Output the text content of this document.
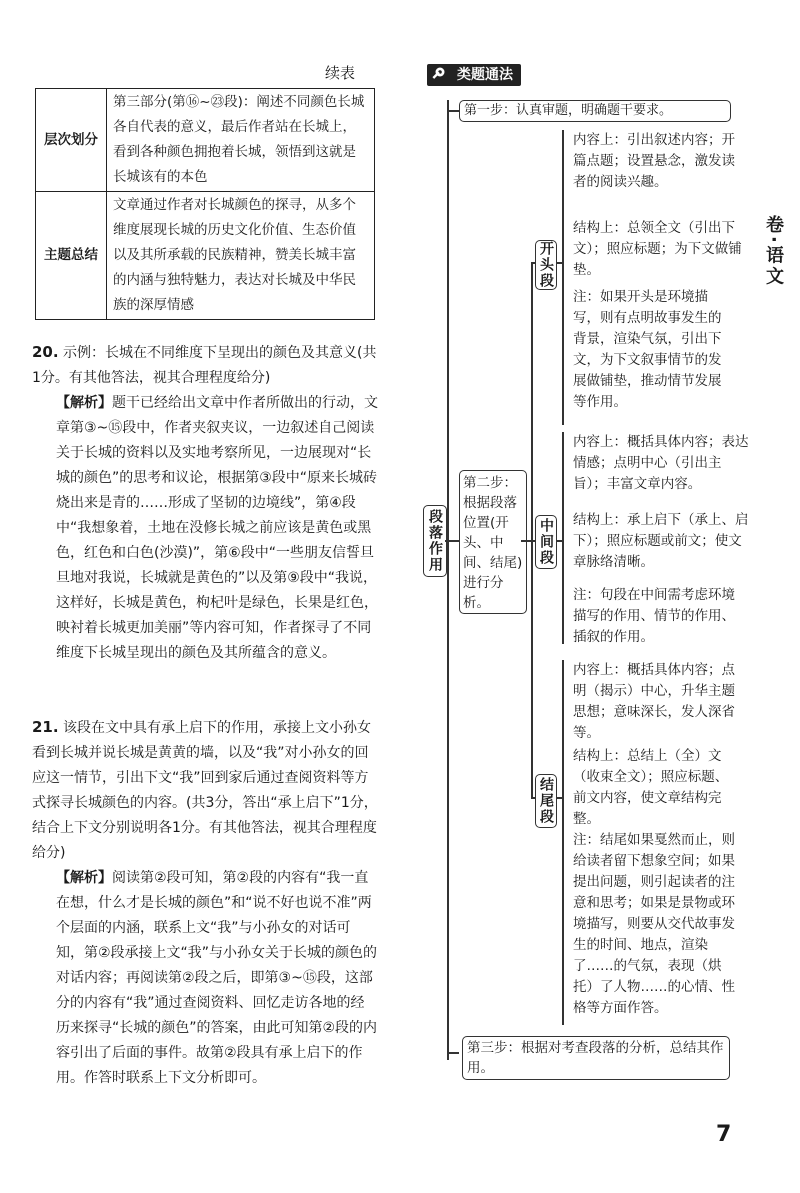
续表
层次划分	第三部分(第⑯~㉓段)：阐述不同颜色长城各自代表的意义，最后作者站在长城上，看到各种颜色拥抱着长城，领悟到这就是长城该有的本色
主题总结	文章通过作者对长城颜色的探寻，从多个维度展现长城的历史文化价值、生态价值以及其所承载的民族精神，赞美长城丰富的内涵与独特魅力，表达对长城及中华民族的深厚情感
20. 示例：长城在不同维度下呈现出的颜色及其意义(共1分。有其他答法，视其合理程度给分)
【解析】题干已经给出文章中作者所做出的行动，文章第③~⑮段中，作者夹叙夹议，一边叙述自己阅读关于长城的资料以及实地考察所见，一边展现对“长城的颜色”的思考和议论，根据第③段中“原来长城砖烧出来是青的……形成了坚韧的边境线”，第④段中“我想象着，土地在没修长城之前应该是黄色或黑色，红色和白色(沙漠)”，第⑥段中“一些朋友信誓旦旦地对我说，长城就是黄色的”以及第⑨段中“我说，这样好，长城是黄色，枸杞叶是绿色，长果是红色，映衬着长城更加美丽”等内容可知，作者探寻了不同维度下长城呈现出的颜色及其所蕴含的意义。
21. 该段在文中具有承上启下的作用，承接上文小孙女看到长城并说长城是黄黄的墙，以及“我”对小孙女的回应这一情节，引出下文“我”回到家后通过查阅资料等方式探寻长城颜色的内容。(共3分，答出“承上启下”1分，结合上下文分别说明各1分。有其他答法，视其合理程度给分)
【解析】阅读第②段可知，第②段的内容有“我一直在想，什么才是长城的颜色”和“说不好也说不准”两个层面的内涵，联系上文“我”与小孙女的对话可知，第②段承接上文“我”与小孙女关于长城的颜色的对话内容；再阅读第②段之后，即第③~⑮段，这部分的内容有“我”通过查阅资料、回忆走访各地的经历来探寻“长城的颜色”的答案，由此可知第②段的内容引出了后面的事件。故第②段具有承上启下的作用。作答时联系上下文分析即可。
类题通法
段落作用
第一步：认真审题，明确题干要求。
第二步：根据段落位置(开头、中间、结尾)进行分析。
第三步：根据对考查段落的分析，总结其作用。
开头段
中间段
结尾段
内容上：引出叙述内容；开篇点题；设置悬念，激发读者的阅读兴趣。
结构上：总领全文（引出下文）；照应标题；为下文做铺垫。
注：如果开头是环境描写，则有点明故事发生的背景，渲染气氛，引出下文，为下文叙事情节的发展做铺垫，推动情节发展等作用。
内容上：概括具体内容；表达情感；点明中心（引出主旨）；丰富文章内容。
结构上：承上启下（承上、启下）；照应标题或前文；使文章脉络清晰。
注：句段在中间需考虑环境描写的作用、情节的作用、插叙的作用。
内容上：概括具体内容；点明（揭示）中心，升华主题思想；意味深长，发人深省等。
结构上：总结上（全）文（收束全文）；照应标题、前文内容，使文章结构完整。
注：结尾如果戛然而止，则给读者留下想象空间；如果提出问题，则引起读者的注意和思考；如果是景物或环境描写，则要从交代故事发生的时间、地点，渲染了……的气氛，表现（烘托）了人物……的心情、性格等方面作答。
卷·语文
7
